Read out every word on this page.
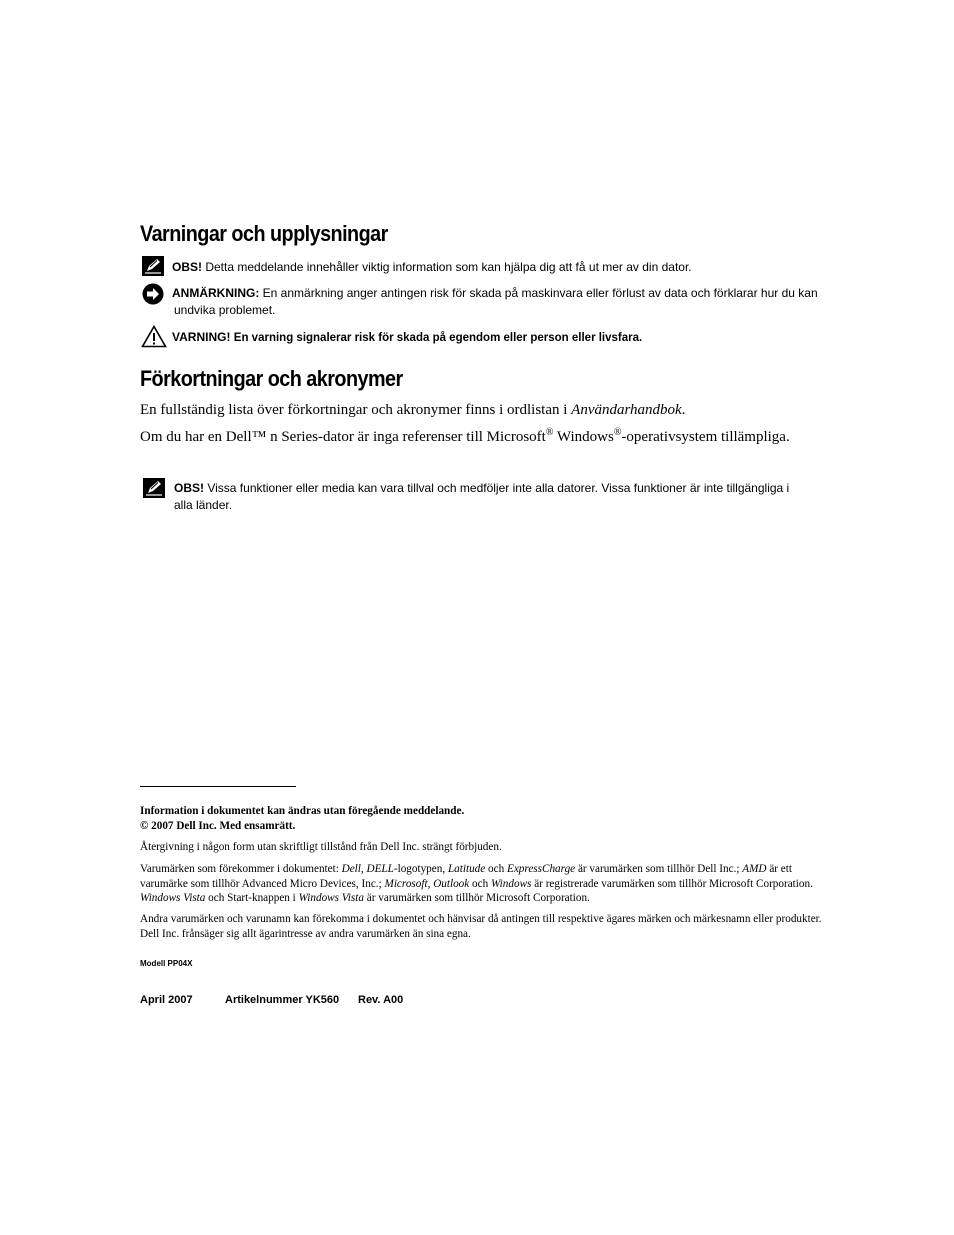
Varningar och upplysningar
OBS! Detta meddelande innehåller viktig information som kan hjälpa dig att få ut mer av din dator.
ANMÄRKNING: En anmärkning anger antingen risk för skada på maskinvara eller förlust av data och förklarar hur du kan
undvika problemet.
VARNING! En varning signalerar risk för skada på egendom eller person eller livsfara.
Förkortningar och akronymer
En fullständig lista över förkortningar och akronymer finns i ordlistan i Användarhandbok.
Om du har en Dell™ n Series-dator är inga referenser till Microsoft® Windows®-operativsystem tillämpliga.
OBS! Vissa funktioner eller media kan vara tillval och medföljer inte alla datorer. Vissa funktioner är inte tillgängliga i
alla länder.
Information i dokumentet kan ändras utan föregående meddelande.
© 2007 Dell Inc. Med ensamrätt.
Återgivning i någon form utan skriftligt tillstånd från Dell Inc. strängt förbjuden.
Varumärken som förekommer i dokumentet: Dell, DELL-logotypen, Latitude och ExpressCharge är varumärken som tillhör Dell Inc.; AMD är ett varumärke som tillhör Advanced Micro Devices, Inc.; Microsoft, Outlook och Windows är registrerade varumärken som tillhör Microsoft Corporation. Windows Vista och Start-knappen i Windows Vista är varumärken som tillhör Microsoft Corporation.
Andra varumärken och varunamn kan förekomma i dokumentet och hänvisar då antingen till respektive ägares märken och märkesnamn eller produkter. Dell Inc. frånsäger sig allt ägarintresse av andra varumärken än sina egna.
Modell PP04X
April 2007	Artikelnummer YK560 Rev. A00
